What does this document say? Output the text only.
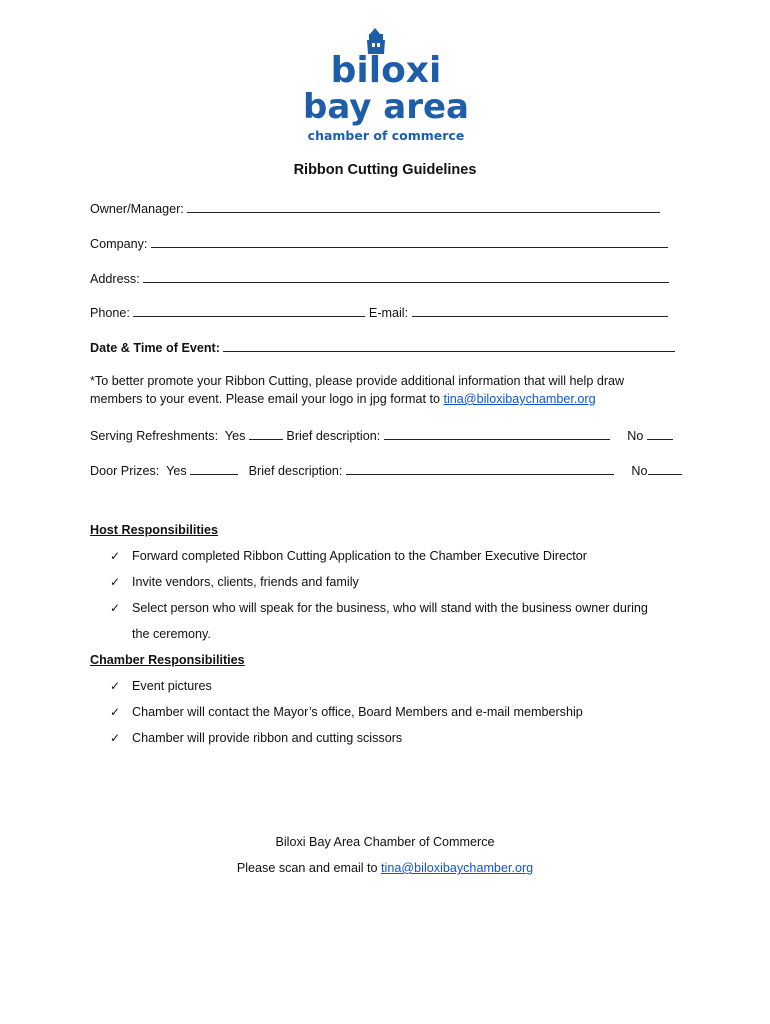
biloxi
bay area
chamber of commerce
Ribbon Cutting Guidelines
Owner/Manager:
Company:
Address:
Phone:	E-mail:
Date & Time of Event:
*To better promote your Ribbon Cutting, please provide additional information that will help draw
members to your event. Please email your logo in jpg format to tina@biloxibaychamber.org
Serving Refreshments: Yes	Brief description:	No
Door Prizes: Yes	Brief description:	No
Host Responsibilities
✓ Forward completed Ribbon Cutting Application to the Chamber Executive Director
✓ Invite vendors, clients, friends and family
✓ Select person who will speak for the business, who will stand with the business owner during
the ceremony.
Chamber Responsibilities
✓ Event pictures
✓ Chamber will contact the Mayor’s office, Board Members and e-mail membership
✓ Chamber will provide ribbon and cutting scissors
Biloxi Bay Area Chamber of Commerce
Please scan and email to tina@biloxibaychamber.org
